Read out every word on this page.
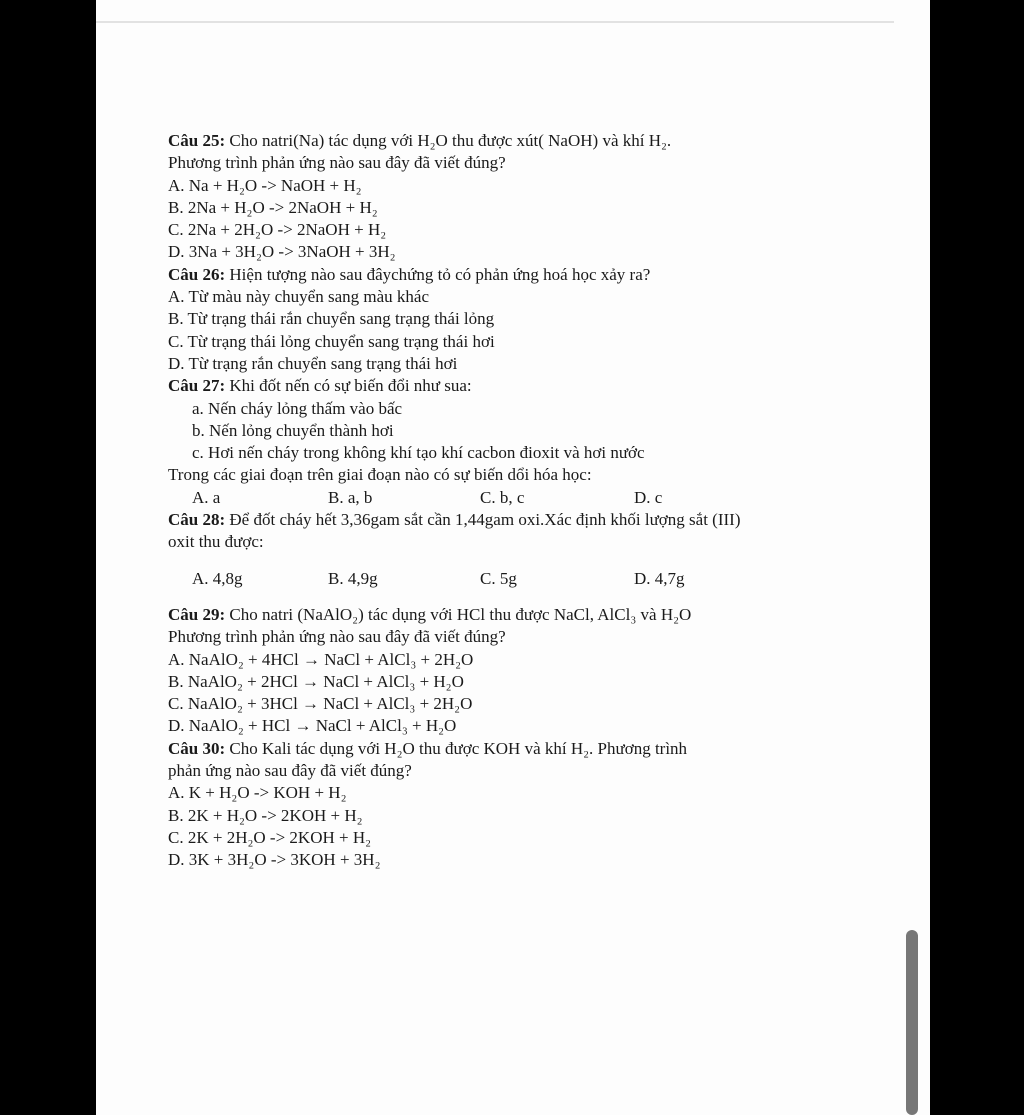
Câu 25: Cho natri(Na) tác dụng với H₂O thu được xút( NaOH) và khí H₂.
Phương trình phản ứng nào sau đây đã viết đúng?
A. Na + H₂O -> NaOH + H₂
B. 2Na + H₂O -> 2NaOH + H₂
C. 2Na + 2H₂O -> 2NaOH + H₂
D. 3Na + 3H₂O -> 3NaOH + 3H₂
Câu 26: Hiện tượng nào sau đâychứng tỏ có phản ứng hoá học xảy ra?
A. Từ màu này chuyển sang màu khác
B. Từ trạng thái rắn chuyển sang trạng thái lỏng
C. Từ trạng thái lỏng chuyển sang trạng thái hơi
D. Từ trạng rắn chuyển sang trạng thái hơi
Câu 27: Khi đốt nến có sự biến đổi như sua:
a. Nến cháy lỏng thấm vào bấc
b. Nến lỏng chuyển thành hơi
c. Hơi nến cháy trong không khí tạo khí cacbon đioxit và hơi nước
Trong các giai đoạn trên giai đoạn nào có sự biến dổi hóa học:
A. a	B. a, b	C. b, c	D. c
Câu 28: Để đốt cháy hết 3,36gam sắt cần 1,44gam oxi.Xác định khối lượng sắt (III)
oxit thu được:
A. 4,8g	B. 4,9g	C. 5g	D. 4,7g
Câu 29: Cho natri (NaAlO₂) tác dụng với HCl thu được NaCl, AlCl₃ và H₂O
Phương trình phản ứng nào sau đây đã viết đúng?
A. NaAlO₂ + 4HCl → NaCl + AlCl₃ + 2H₂O
B. NaAlO₂ + 2HCl → NaCl + AlCl₃ + H₂O
C. NaAlO₂ + 3HCl → NaCl + AlCl₃ + 2H₂O
D. NaAlO₂ + HCl → NaCl + AlCl₃ + H₂O
Câu 30: Cho Kali tác dụng với H₂O thu được KOH và khí H₂. Phương trình
phản ứng nào sau đây đã viết đúng?
A. K + H₂O -> KOH + H₂
B. 2K + H₂O -> 2KOH + H₂
C. 2K + 2H₂O -> 2KOH + H₂
D. 3K + 3H₂O -> 3KOH + 3H₂
